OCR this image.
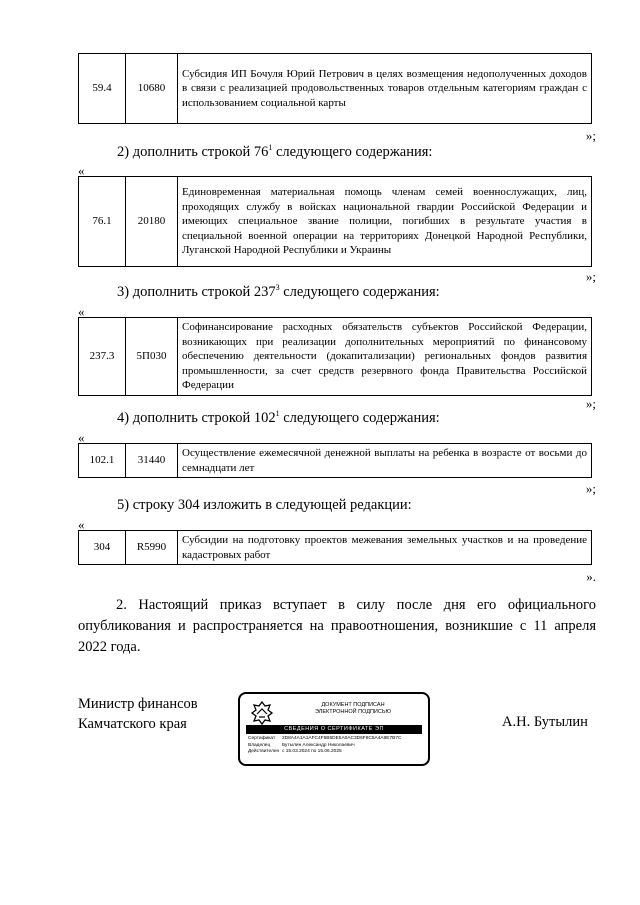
59.4	10680	Субсидия ИП Бочуля Юрий Петрович в целях возмещения недополученных доходов в связи с реализацией продовольственных товаров отдельным категориям граждан с использованием социальной карты
»;
2) дополнить строкой $76^1$ следующего содержания:
«
76.1	20180	Единовременная материальная помощь членам семей военнослужащих, лиц, проходящих службу в войсках национальной гвардии Российской Федерации и имеющих специальное звание полиции, погибших в результате участия в специальной военной операции на территориях Донецкой Народной Республики, Луганской Народной Республики и Украины
»;
3) дополнить строкой $237^3$ следующего содержания:
«
237.3	5П030	Софинансирование расходных обязательств субъектов Российской Федерации, возникающих при реализации дополнительных мероприятий по финансовому обеспечению деятельности (докапитализации) региональных фондов развития промышленности, за счет средств резервного фонда Правительства Российской Федерации
»;
4) дополнить строкой $102^1$ следующего содержания:
«
102.1	31440	Осуществление ежемесячной денежной выплаты на ребенка в возрасте от восьми до семнадцати лет
»;
5) строку 304 изложить в следующей редакции:
«
304	R5990	Субсидии на подготовку проектов межевания земельных участков и на проведение кадастровых работ
».
2. Настоящий приказ вступает в силу после дня его официального опубликования и распространяется на правоотношения, возникшие с 11 апреля 2022 года.
Министр финансов
Камчатского края
ДОКУМЕНТ ПОДПИСАН
ЭЛЕКТРОННОЙ ПОДПИСЬЮ
СВЕДЕНИЯ О СЕРТИФИКАТЕ ЭП
Сертификат 2D8A4A1A1AFC4F5B5DE5A0AC3D6F8C5A4A9E7B7C
Владелец Бутылин Александр Николаевич
Действителен с 15.03.2024 по 15.06.2025
А.Н. Бутылин
